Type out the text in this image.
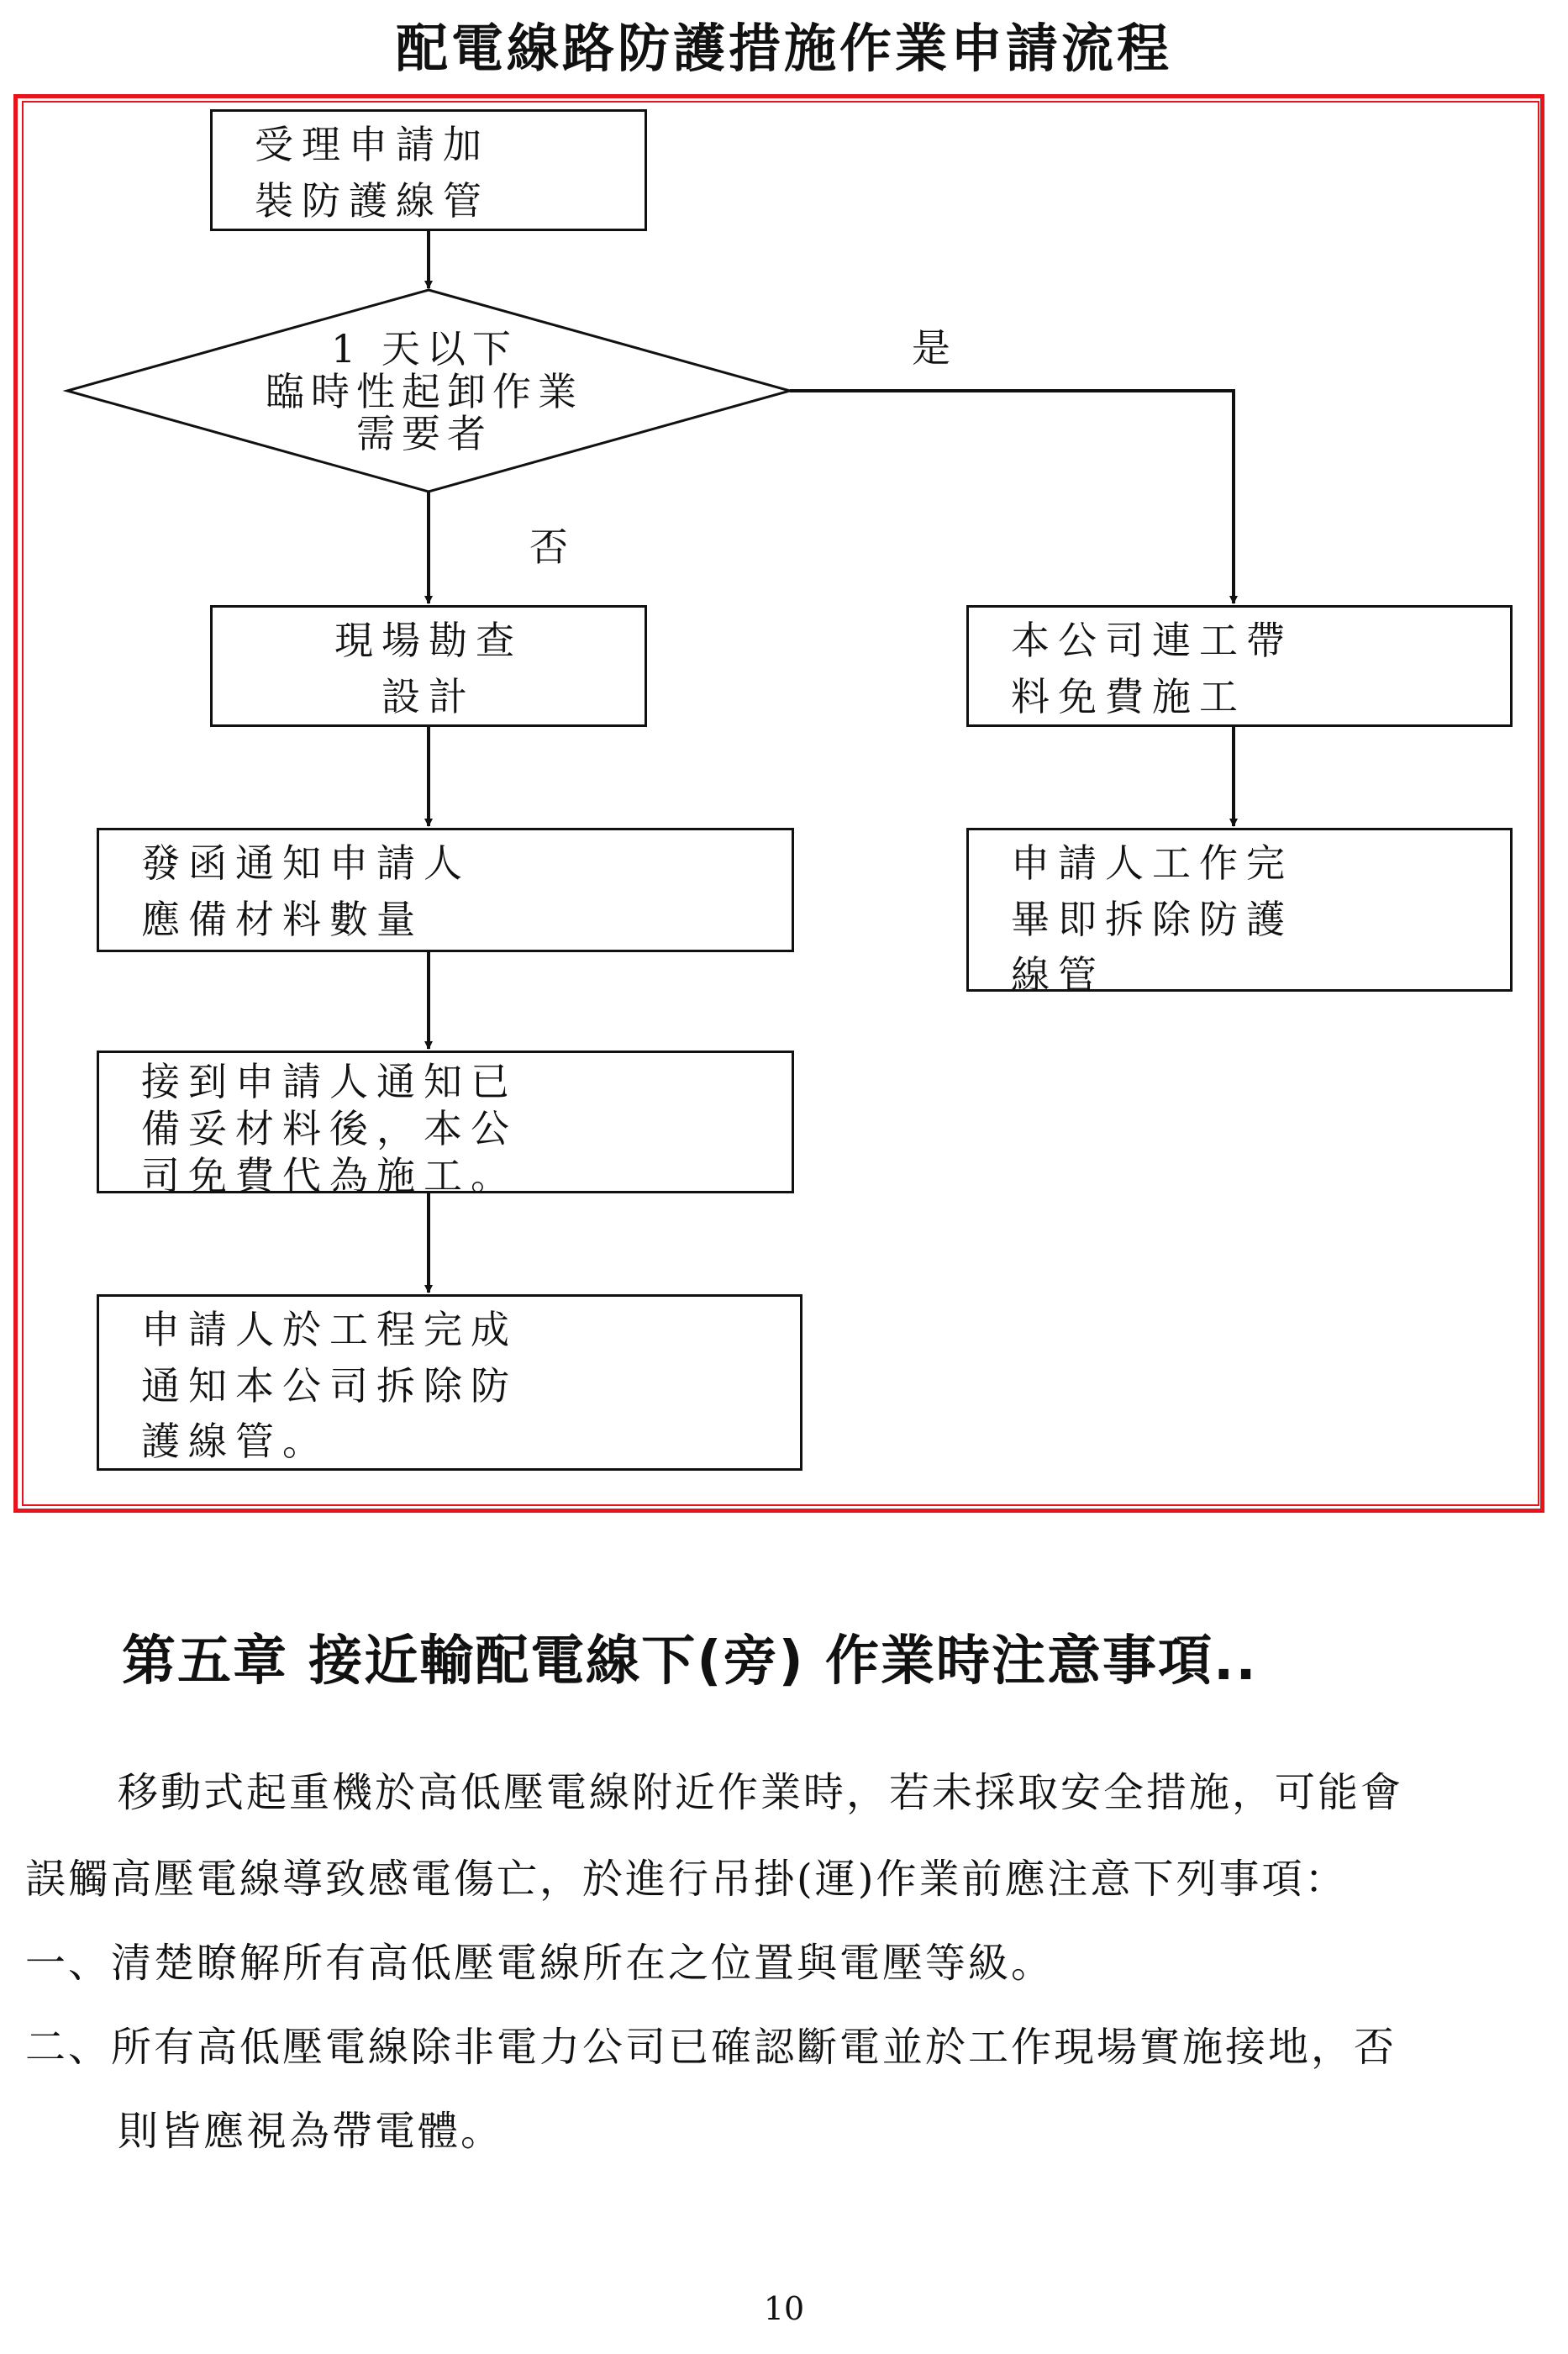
配電線路防護措施作業申請流程
受理申請加
裝防護線管
1 天以下
臨時性起卸作業
需要者
是
否
現場勘查
設計
發函通知申請人
應備材料數量
接到申請人通知已
備妥材料後，本公
司免費代為施工。
申請人於工程完成
通知本公司拆除防
護線管。
本公司連工帶
料免費施工
申請人工作完
畢即拆除防護
線管
第五章 接近輸配電線下(旁) 作業時注意事項..
移動式起重機於高低壓電線附近作業時，若未採取安全措施，可能會
誤觸高壓電線導致感電傷亡，於進行吊掛(運)作業前應注意下列事項：
一、清楚瞭解所有高低壓電線所在之位置與電壓等級。
二、所有高低壓電線除非電力公司已確認斷電並於工作現場實施接地，否
則皆應視為帶電體。
10
